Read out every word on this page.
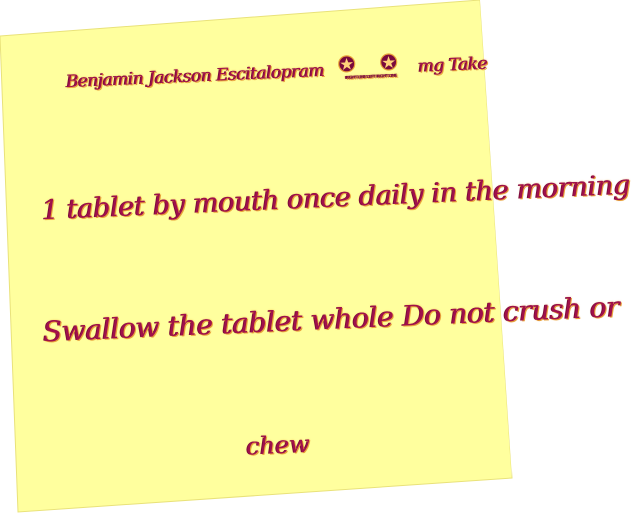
Benjamin Jackson Escitalopram	RIGHT LINE LEFT RIGHT LINE mg Take
1 tablet by mouth once daily in the morning
Swallow the tablet whole Do not crush or
chew
